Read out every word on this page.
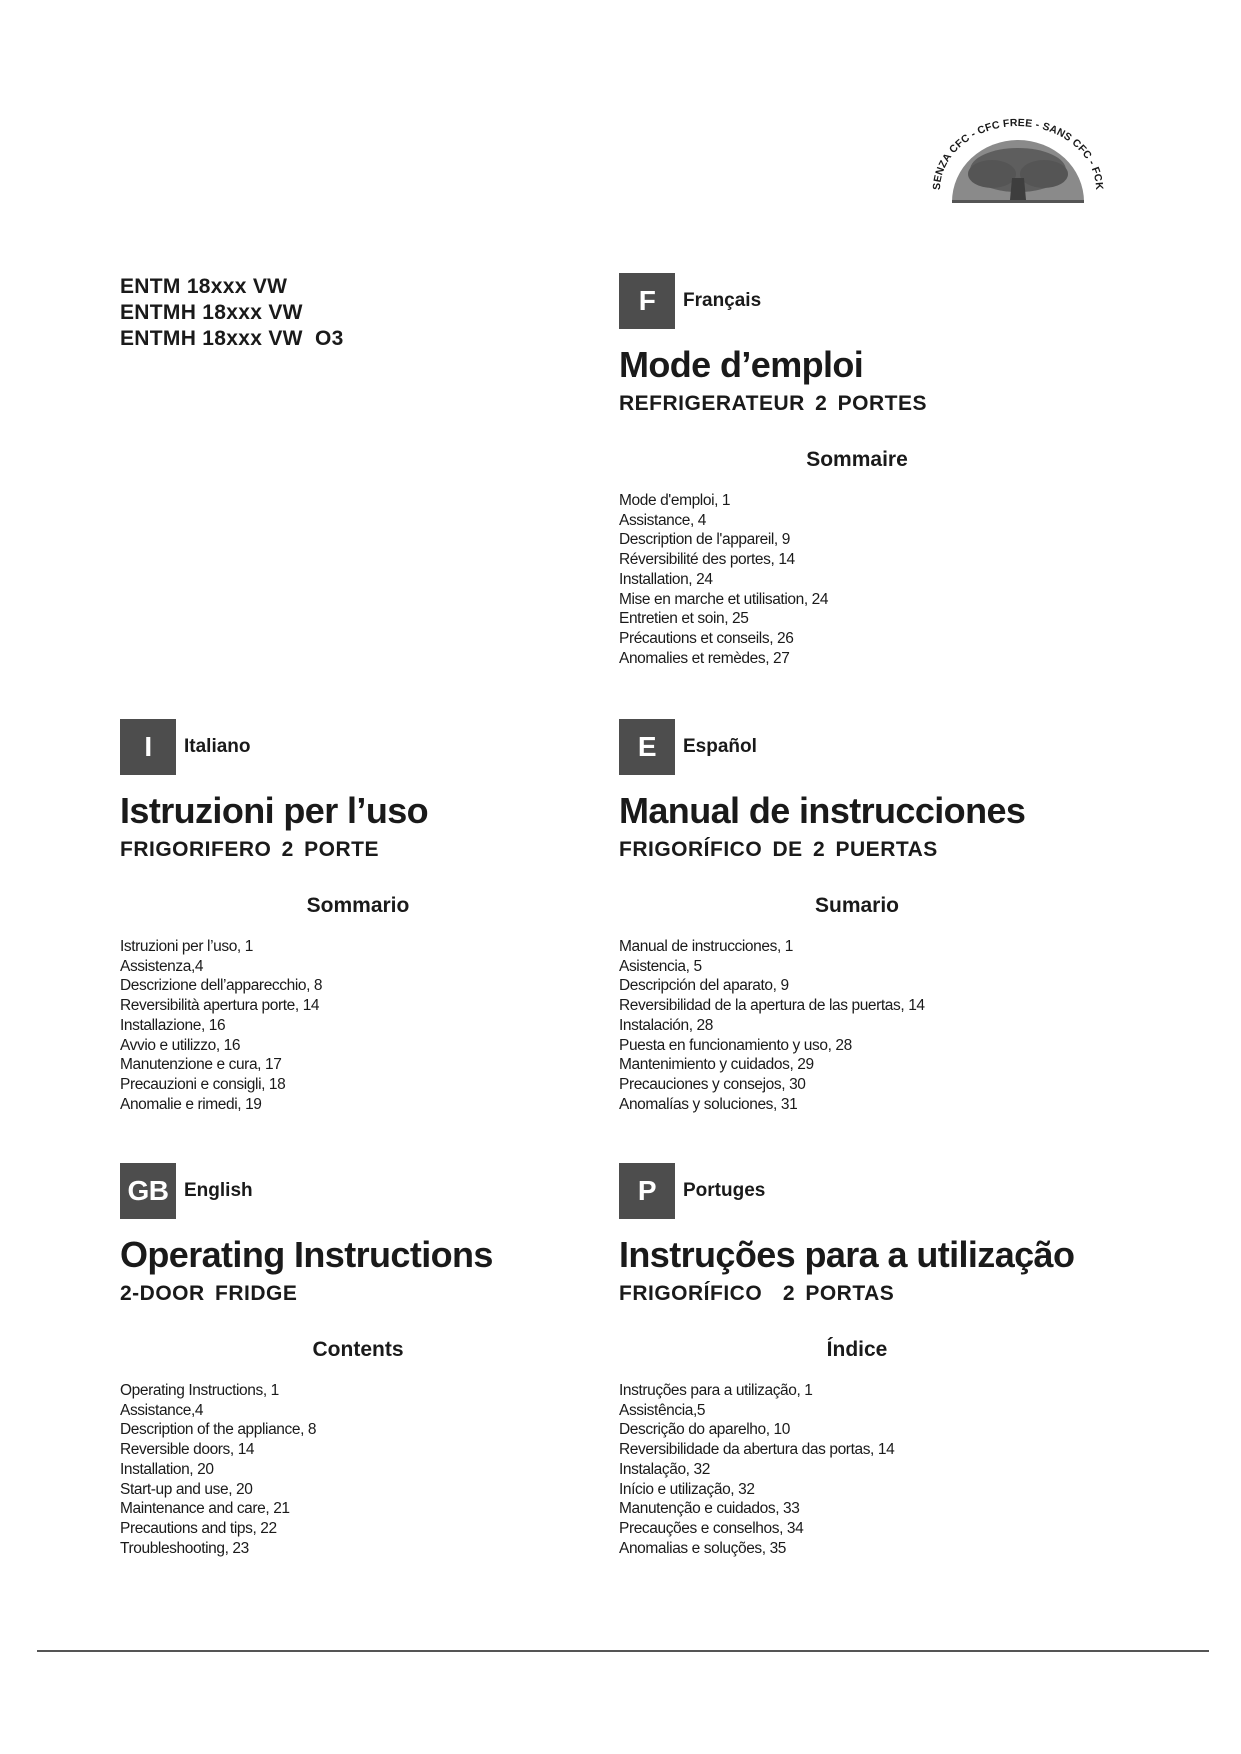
ENTM 18xxx VW
ENTMH 18xxx VW
ENTMH 18xxx VW  O3
SENZA CFC - CFC FREE - SANS CFC - FCK
F	Français
Mode d’emploi
REFRIGERATEUR 2 PORTES
Sommaire
Mode d'emploi, 1
Assistance, 4
Description de l'appareil, 9
Réversibilité des portes, 14
Installation, 24
Mise en marche et utilisation, 24
Entretien et soin, 25
Précautions et conseils, 26
Anomalies et remèdes, 27
I	Italiano
Istruzioni per l’uso
FRIGORIFERO 2 PORTE
Sommario
Istruzioni per l’uso, 1
Assistenza,4
Descrizione dell’apparecchio, 8
Reversibilità apertura porte, 14
Installazione, 16
Avvio e utilizzo, 16
Manutenzione e cura, 17
Precauzioni e consigli, 18
Anomalie e rimedi, 19
E	Español
Manual de instrucciones
FRIGORÍFICO DE 2 PUERTAS
Sumario
Manual de instrucciones, 1
Asistencia, 5
Descripción del aparato, 9
Reversibilidad de la apertura de las puertas, 14
Instalación, 28
Puesta en funcionamiento y uso, 28
Mantenimiento y cuidados, 29
Precauciones y consejos, 30
Anomalías y soluciones, 31
GB English
Operating Instructions
2-DOOR FRIDGE
Contents
Operating Instructions, 1
Assistance,4
Description of the appliance, 8
Reversible doors, 14
Installation, 20
Start-up and use, 20
Maintenance and care, 21
Precautions and tips, 22
Troubleshooting, 23
P	Portuges
Instruções para a utilização
FRIGORÍFICO  2 PORTAS
Índice
Instruções para a utilização, 1
Assistência,5
Descrição do aparelho, 10
Reversibilidade da abertura das portas, 14
Instalação, 32
Início e utilização, 32
Manutenção e cuidados, 33
Precauções e conselhos, 34
Anomalias e soluções, 35
